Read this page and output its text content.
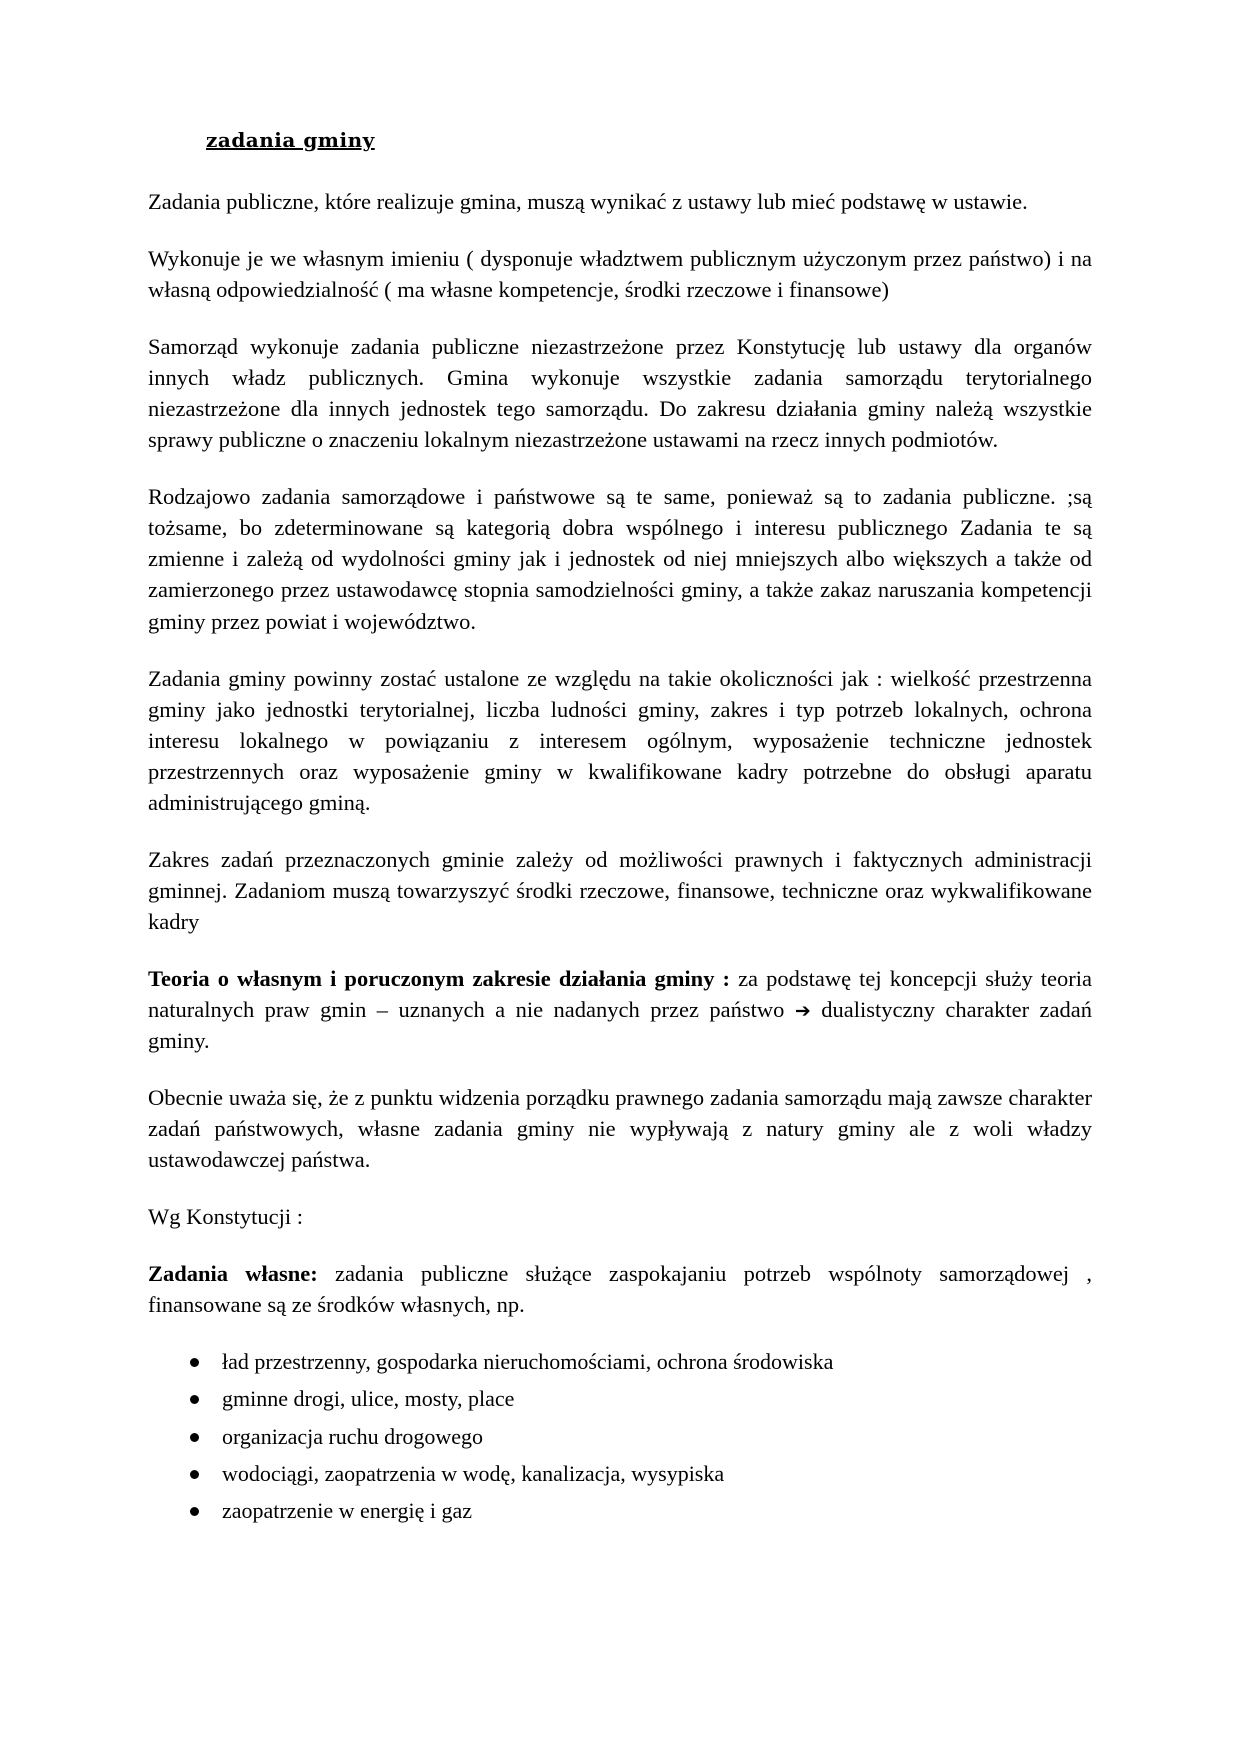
zadania gminy

Zadania publiczne, które realizuje gmina, muszą wynikać z ustawy lub mieć podstawę w ustawie.

Wykonuje je we własnym imieniu ( dysponuje władztwem publicznym użyczonym przez państwo) i na własną odpowiedzialność ( ma własne kompetencje, środki rzeczowe i finansowe)

Samorząd wykonuje zadania publiczne niezastrzeżone przez Konstytucję lub ustawy dla organów innych władz publicznych. Gmina wykonuje wszystkie zadania samorządu terytorialnego niezastrzeżone dla innych jednostek tego samorządu. Do zakresu działania gminy należą wszystkie sprawy publiczne o znaczeniu lokalnym niezastrzeżone ustawami na rzecz innych podmiotów.

Rodzajowo zadania samorządowe i państwowe są te same, ponieważ są to zadania publiczne. ;są tożsame, bo zdeterminowane są kategorią dobra wspólnego i interesu publicznego Zadania te są zmienne i zależą od wydolności gminy jak i jednostek od niej mniejszych albo większych a także od zamierzonego przez ustawodawcę stopnia samodzielności gminy, a także zakaz naruszania kompetencji gminy przez powiat i województwo.

Zadania gminy powinny zostać ustalone ze względu na takie okoliczności jak : wielkość przestrzenna gminy jako jednostki terytorialnej, liczba ludności gminy, zakres i typ potrzeb lokalnych, ochrona interesu lokalnego w powiązaniu z interesem ogólnym, wyposażenie techniczne jednostek przestrzennych oraz wyposażenie gminy w kwalifikowane kadry potrzebne do obsługi aparatu administrującego gminą.

Zakres zadań przeznaczonych gminie zależy od możliwości prawnych i faktycznych administracji gminnej. Zadaniom muszą towarzyszyć środki rzeczowe, finansowe, techniczne oraz wykwalifikowane kadry

Teoria o własnym i poruczonym zakresie działania gminy : za podstawę tej koncepcji służy teoria naturalnych praw gmin – uznanych a nie nadanych przez państwo ➔ dualistyczny charakter zadań gminy.

Obecnie uważa się, że z punktu widzenia porządku prawnego zadania samorządu mają zawsze charakter zadań państwowych, własne zadania gminy nie wypływają z natury gminy ale z woli władzy ustawodawczej państwa.

Wg Konstytucji :

Zadania własne: zadania publiczne służące zaspokajaniu potrzeb wspólnoty samorządowej , finansowane są ze środków własnych, np.

ład przestrzenny, gospodarka nieruchomościami, ochrona środowiska
gminne drogi, ulice, mosty, place
organizacja ruchu drogowego
wodociągi, zaopatrzenia w wodę, kanalizacja, wysypiska
zaopatrzenie w energię i gaz
